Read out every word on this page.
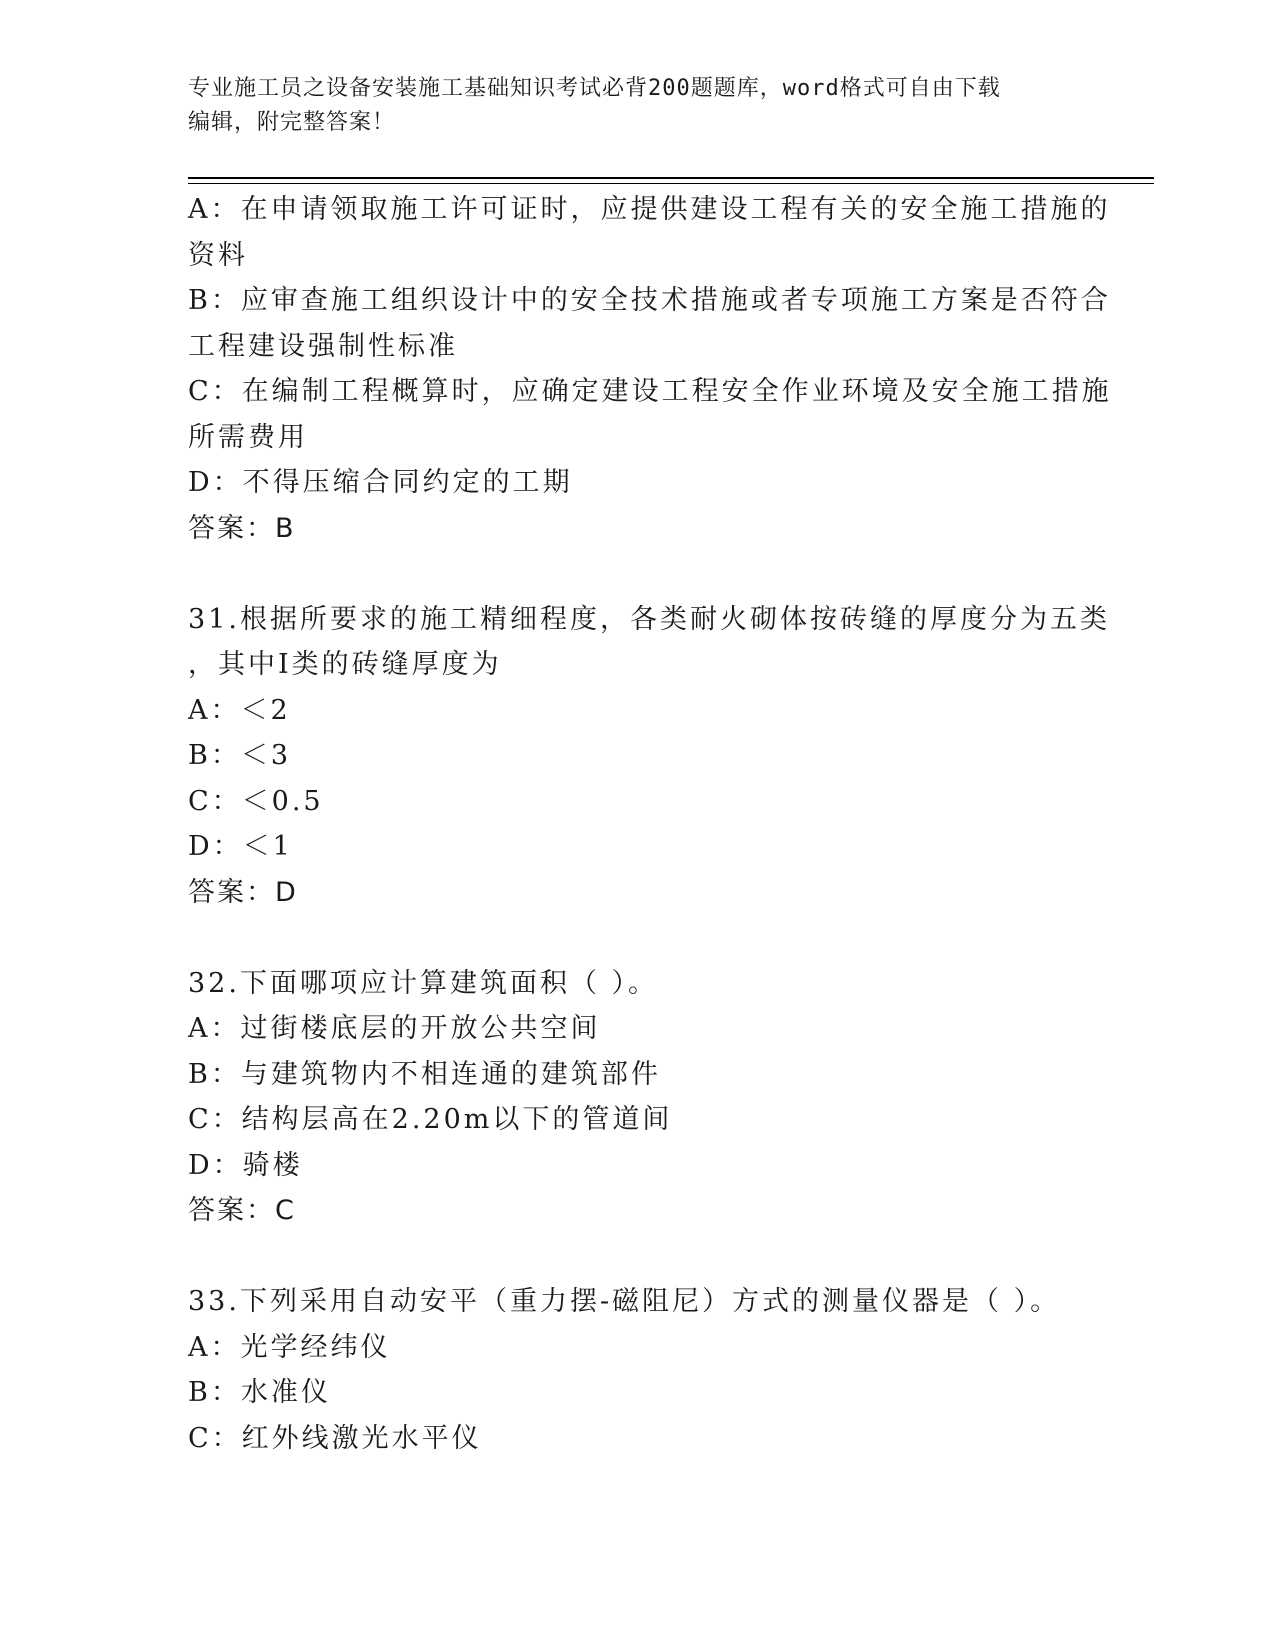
专业施工员之设备安装施工基础知识考试必背200题题库，word格式可自由下载
编辑，附完整答案！
A：在申请领取施工许可证时，应提供建设工程有关的安全施工措施的
资料
B：应审查施工组织设计中的安全技术措施或者专项施工方案是否符合
工程建设强制性标准
C：在编制工程概算时，应确定建设工程安全作业环境及安全施工措施
所需费用
D：不得压缩合同约定的工期
答案：B
31.根据所要求的施工精细程度，各类耐火砌体按砖缝的厚度分为五类
，其中Ⅰ类的砖缝厚度为
A：＜2
B：＜3
C：＜0.5
D：＜1
答案：D
32.下面哪项应计算建筑面积（ ）。
A：过街楼底层的开放公共空间
B：与建筑物内不相连通的建筑部件
C：结构层高在2.20m以下的管道间
D：骑楼
答案：C
33.下列采用自动安平（重力摆-磁阻尼）方式的测量仪器是（ ）。
A：光学经纬仪
B：水准仪
C：红外线激光水平仪
